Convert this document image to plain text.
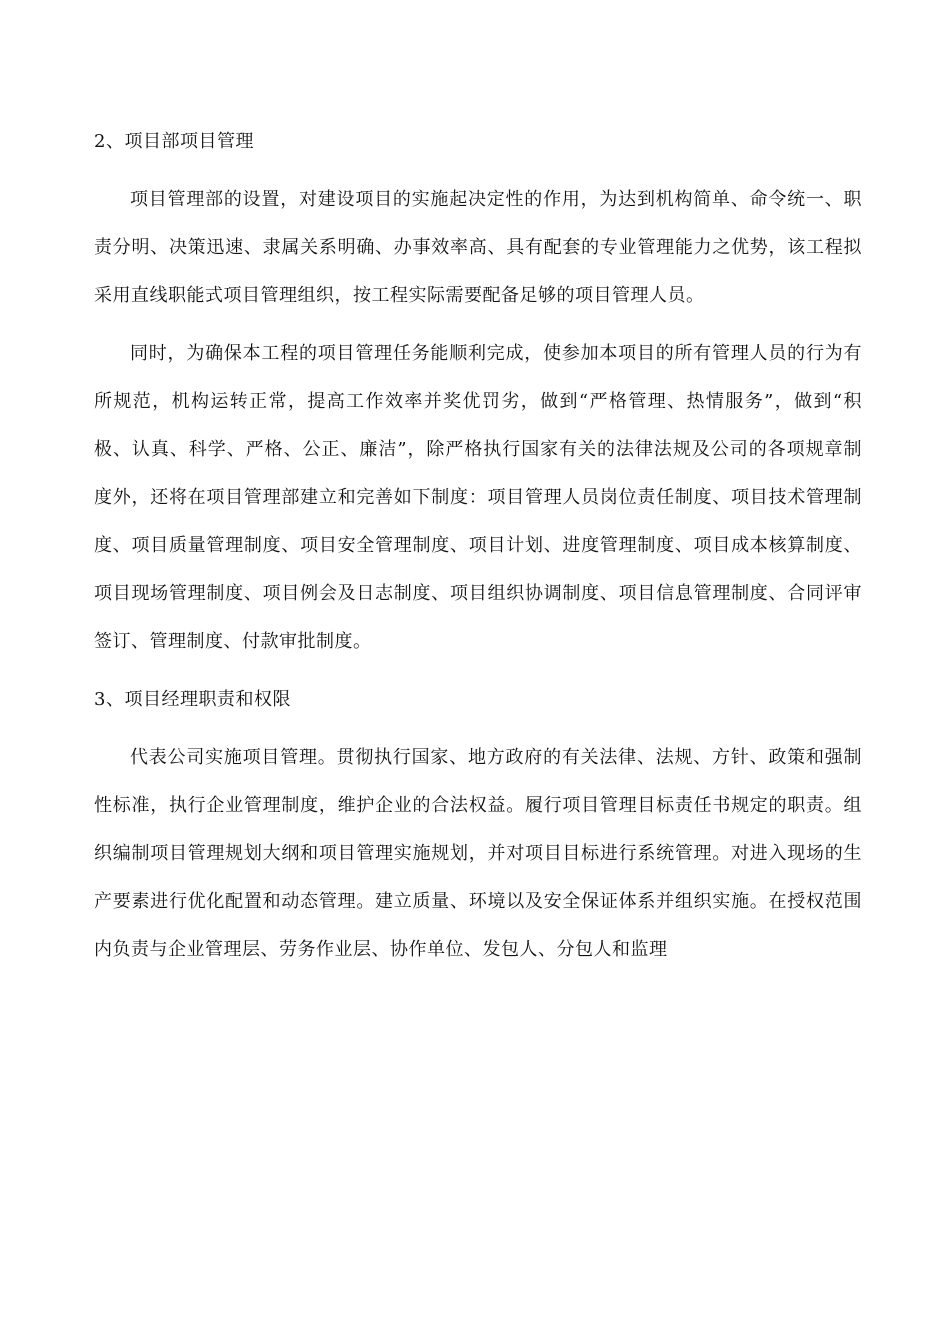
2、项目部项目管理

项目管理部的设置，对建设项目的实施起决定性的作用，为达到机构简单、命令统一、职责分明、决策迅速、隶属关系明确、办事效率高、具有配套的专业管理能力之优势，该工程拟采用直线职能式项目管理组织，按工程实际需要配备足够的项目管理人员。

同时，为确保本工程的项目管理任务能顺利完成，使参加本项目的所有管理人员的行为有所规范，机构运转正常，提高工作效率并奖优罚劣，做到“严格管理、热情服务”，做到“积极、认真、科学、严格、公正、廉洁”，除严格执行国家有关的法律法规及公司的各项规章制度外，还将在项目管理部建立和完善如下制度：项目管理人员岗位责任制度、项目技术管理制度、项目质量管理制度、项目安全管理制度、项目计划、进度管理制度、项目成本核算制度、项目现场管理制度、项目例会及日志制度、项目组织协调制度、项目信息管理制度、合同评审签订、管理制度、付款审批制度。

3、项目经理职责和权限

代表公司实施项目管理。贯彻执行国家、地方政府的有关法律、法规、方针、政策和强制性标准，执行企业管理制度，维护企业的合法权益。履行项目管理目标责任书规定的职责。组织编制项目管理规划大纲和项目管理实施规划，并对项目目标进行系统管理。对进入现场的生产要素进行优化配置和动态管理。建立质量、环境以及安全保证体系并组织实施。在授权范围内负责与企业管理层、劳务作业层、协作单位、发包人、分包人和监理
